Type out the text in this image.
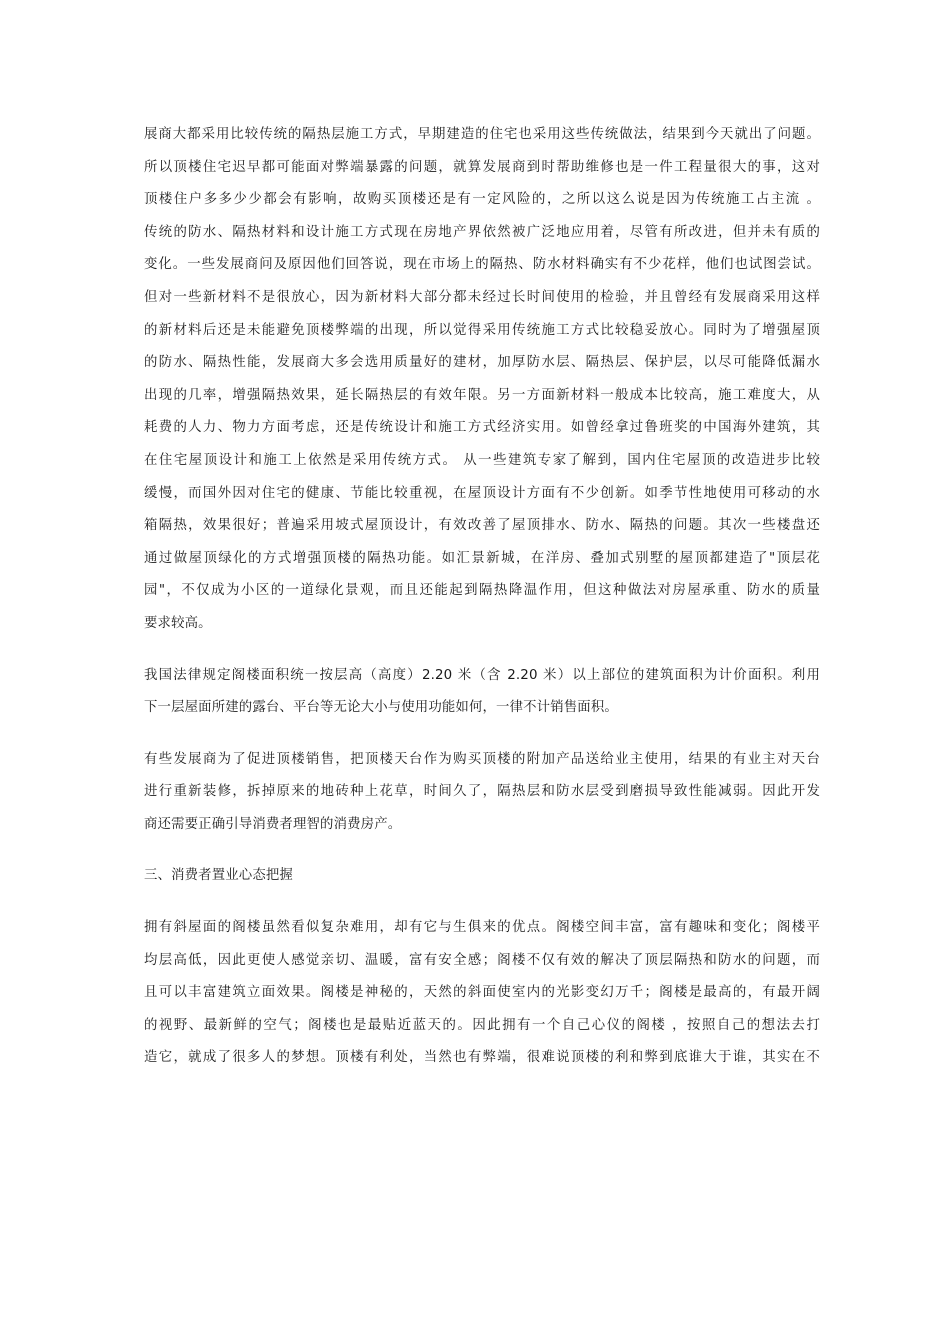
展商大都采用比较传统的隔热层施工方式，早期建造的住宅也采用这些传统做法，结果到今天就出了问题。
所以顶楼住宅迟早都可能面对弊端暴露的问题，就算发展商到时帮助维修也是一件工程量很大的事，这对
顶楼住户多多少少都会有影响，故购买顶楼还是有一定风险的，之所以这么说是因为传统施工占主流 。
传统的防水、隔热材料和设计施工方式现在房地产界依然被广泛地应用着，尽管有所改进，但并未有质的
变化。一些发展商问及原因他们回答说，现在市场上的隔热、防水材料确实有不少花样，他们也试图尝试。
但对一些新材料不是很放心，因为新材料大部分都未经过长时间使用的检验，并且曾经有发展商采用这样
的新材料后还是未能避免顶楼弊端的出现，所以觉得采用传统施工方式比较稳妥放心。同时为了增强屋顶
的防水、隔热性能，发展商大多会选用质量好的建材，加厚防水层、隔热层、保护层，以尽可能降低漏水
出现的几率，增强隔热效果，延长隔热层的有效年限。另一方面新材料一般成本比较高，施工难度大，从
耗费的人力、物力方面考虑，还是传统设计和施工方式经济实用。如曾经拿过鲁班奖的中国海外建筑，其
在住宅屋顶设计和施工上依然是采用传统方式。 从一些建筑专家了解到，国内住宅屋顶的改造进步比较
缓慢，而国外因对住宅的健康、节能比较重视，在屋顶设计方面有不少创新。如季节性地使用可移动的水
箱隔热，效果很好；普遍采用坡式屋顶设计，有效改善了屋顶排水、防水、隔热的问题。其次一些楼盘还
通过做屋顶绿化的方式增强顶楼的隔热功能。如汇景新城，在洋房、叠加式别墅的屋顶都建造了"顶层花
园"，不仅成为小区的一道绿化景观，而且还能起到隔热降温作用，但这种做法对房屋承重、防水的质量
要求较高。

我国法律规定阁楼面积统一按层高（高度）2.20 米（含 2.20 米）以上部位的建筑面积为计价面积。利用
下一层屋面所建的露台、平台等无论大小与使用功能如何，一律不计销售面积。

有些发展商为了促进顶楼销售，把顶楼天台作为购买顶楼的附加产品送给业主使用，结果的有业主对天台
进行重新装修，拆掉原来的地砖种上花草，时间久了，隔热层和防水层受到磨损导致性能减弱。因此开发
商还需要正确引导消费者理智的消费房产。

三、消费者置业心态把握

拥有斜屋面的阁楼虽然看似复杂难用，却有它与生俱来的优点。阁楼空间丰富，富有趣味和变化；阁楼平
均层高低，因此更使人感觉亲切、温暖，富有安全感；阁楼不仅有效的解决了顶层隔热和防水的问题，而
且可以丰富建筑立面效果。阁楼是神秘的，天然的斜面使室内的光影变幻万千；阁楼是最高的，有最开阔
的视野、最新鲜的空气；阁楼也是最贴近蓝天的。因此拥有一个自己心仪的阁楼 ，按照自己的想法去打
造它，就成了很多人的梦想。顶楼有利处，当然也有弊端，很难说顶楼的利和弊到底谁大于谁，其实在不
